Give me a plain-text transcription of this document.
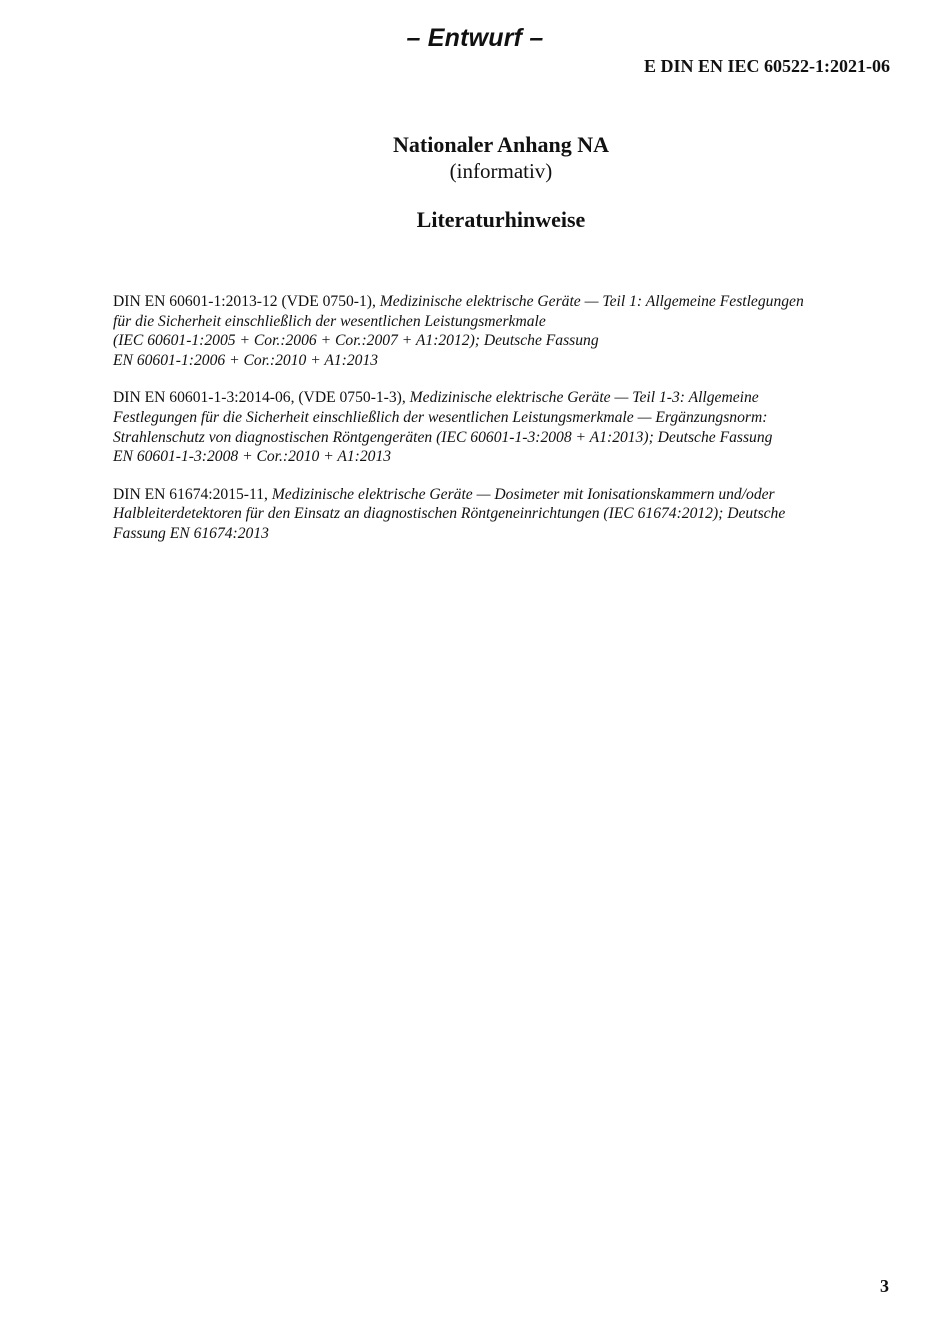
– Entwurf –
E DIN EN IEC 60522-1:2021-06
Nationaler Anhang NA
(informativ)
Literaturhinweise
DIN EN 60601-1:2013-12 (VDE 0750-1), Medizinische elektrische Geräte — Teil 1: Allgemeine Festlegungen
für die Sicherheit einschließlich der wesentlichen Leistungsmerkmale
(IEC 60601-1:2005 + Cor.:2006 + Cor.:2007 + A1:2012); Deutsche Fassung
EN 60601-1:2006 + Cor.:2010 + A1:2013
DIN EN 60601-1-3:2014-06, (VDE 0750-1-3), Medizinische elektrische Geräte — Teil 1-3: Allgemeine
Festlegungen für die Sicherheit einschließlich der wesentlichen Leistungsmerkmale — Ergänzungsnorm:
Strahlenschutz von diagnostischen Röntgengeräten (IEC 60601-1-3:2008 + A1:2013); Deutsche Fassung
EN 60601-1-3:2008 + Cor.:2010 + A1:2013
DIN EN 61674:2015-11, Medizinische elektrische Geräte — Dosimeter mit Ionisationskammern und/oder
Halbleiterdetektoren für den Einsatz an diagnostischen Röntgeneinrichtungen (IEC 61674:2012); Deutsche
Fassung EN 61674:2013
3
